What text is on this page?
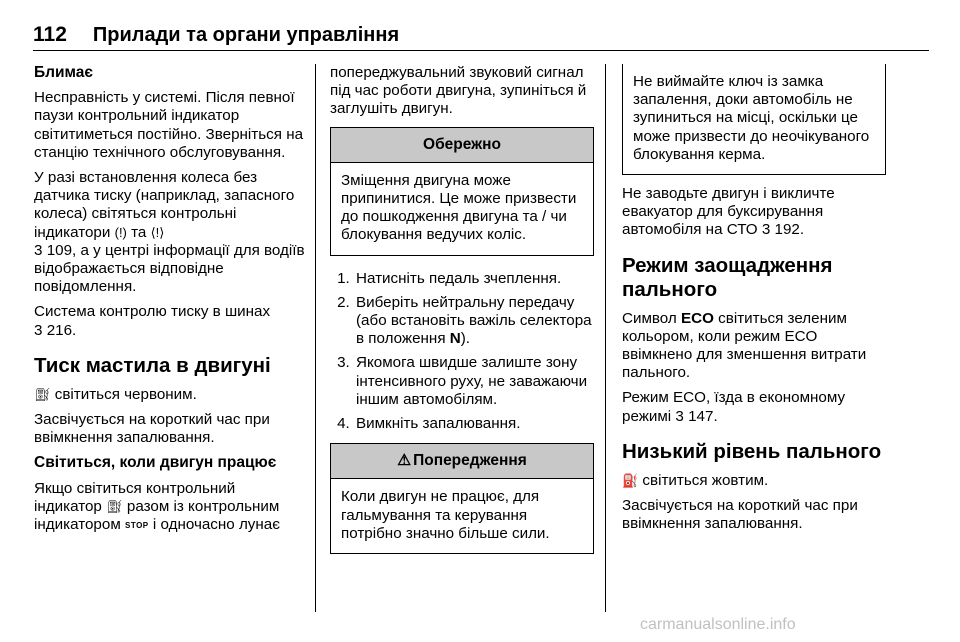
112 Прилади та органи управління
Блимає

Несправність у системі. Після певної паузи контрольний індикатор світитиметься постійно. Зверніться на станцію технічного обслуговування.

У разі встановлення колеса без датчика тиску (наприклад, запасного колеса) світяться контрольні індикатори (!) та ⟨!⟩
3 109, а у центрі інформації для водіїв відображається відповідне повідомлення.

Система контролю тиску в шинах
3 216.

Тиск мастила в двигуні

⛽︎ світиться червоним.

Засвічується на короткий час при ввімкнення запалювання.

Світиться, коли двигун працює

Якщо світиться контрольний індикатор ⛽︎ разом із контрольним індикатором STOP і одночасно лунає

попереджувальний звуковий сигнал під час роботи двигуна, зупиніться й заглушіть двигун.

Обережно
Зміщення двигуна може припинитися. Це може призвести до пошкодження двигуна та / чи блокування ведучих коліс.
1. Натисніть педаль зчеплення.
2. Виберіть нейтральну передачу (або встановіть важіль селектора в положення N).
3. Якомога швидше залиште зону інтенсивного руху, не заважаючи іншим автомобілям.
4. Вимкніть запалювання.
⚠ Попередження
Коли двигун не працює, для гальмування та керування потрібно значно більше сили.
Не виймайте ключ із замка запалення, доки автомобіль не зупиниться на місці, оскільки це може призвести до неочікуваного блокування керма.

Не заводьте двигун і викличте евакуатор для буксирування автомобіля на СТО 3 192.

Режим заощадження пального

Символ ECO світиться зеленим кольором, коли режим ECO ввімкнено для зменшення витрати пального.

Режим ECO, їзда в економному режимі 3 147.

Низький рівень пального

⛽ світиться жовтим.

Засвічується на короткий час при ввімкнення запалювання.

carmanualsonline.info
